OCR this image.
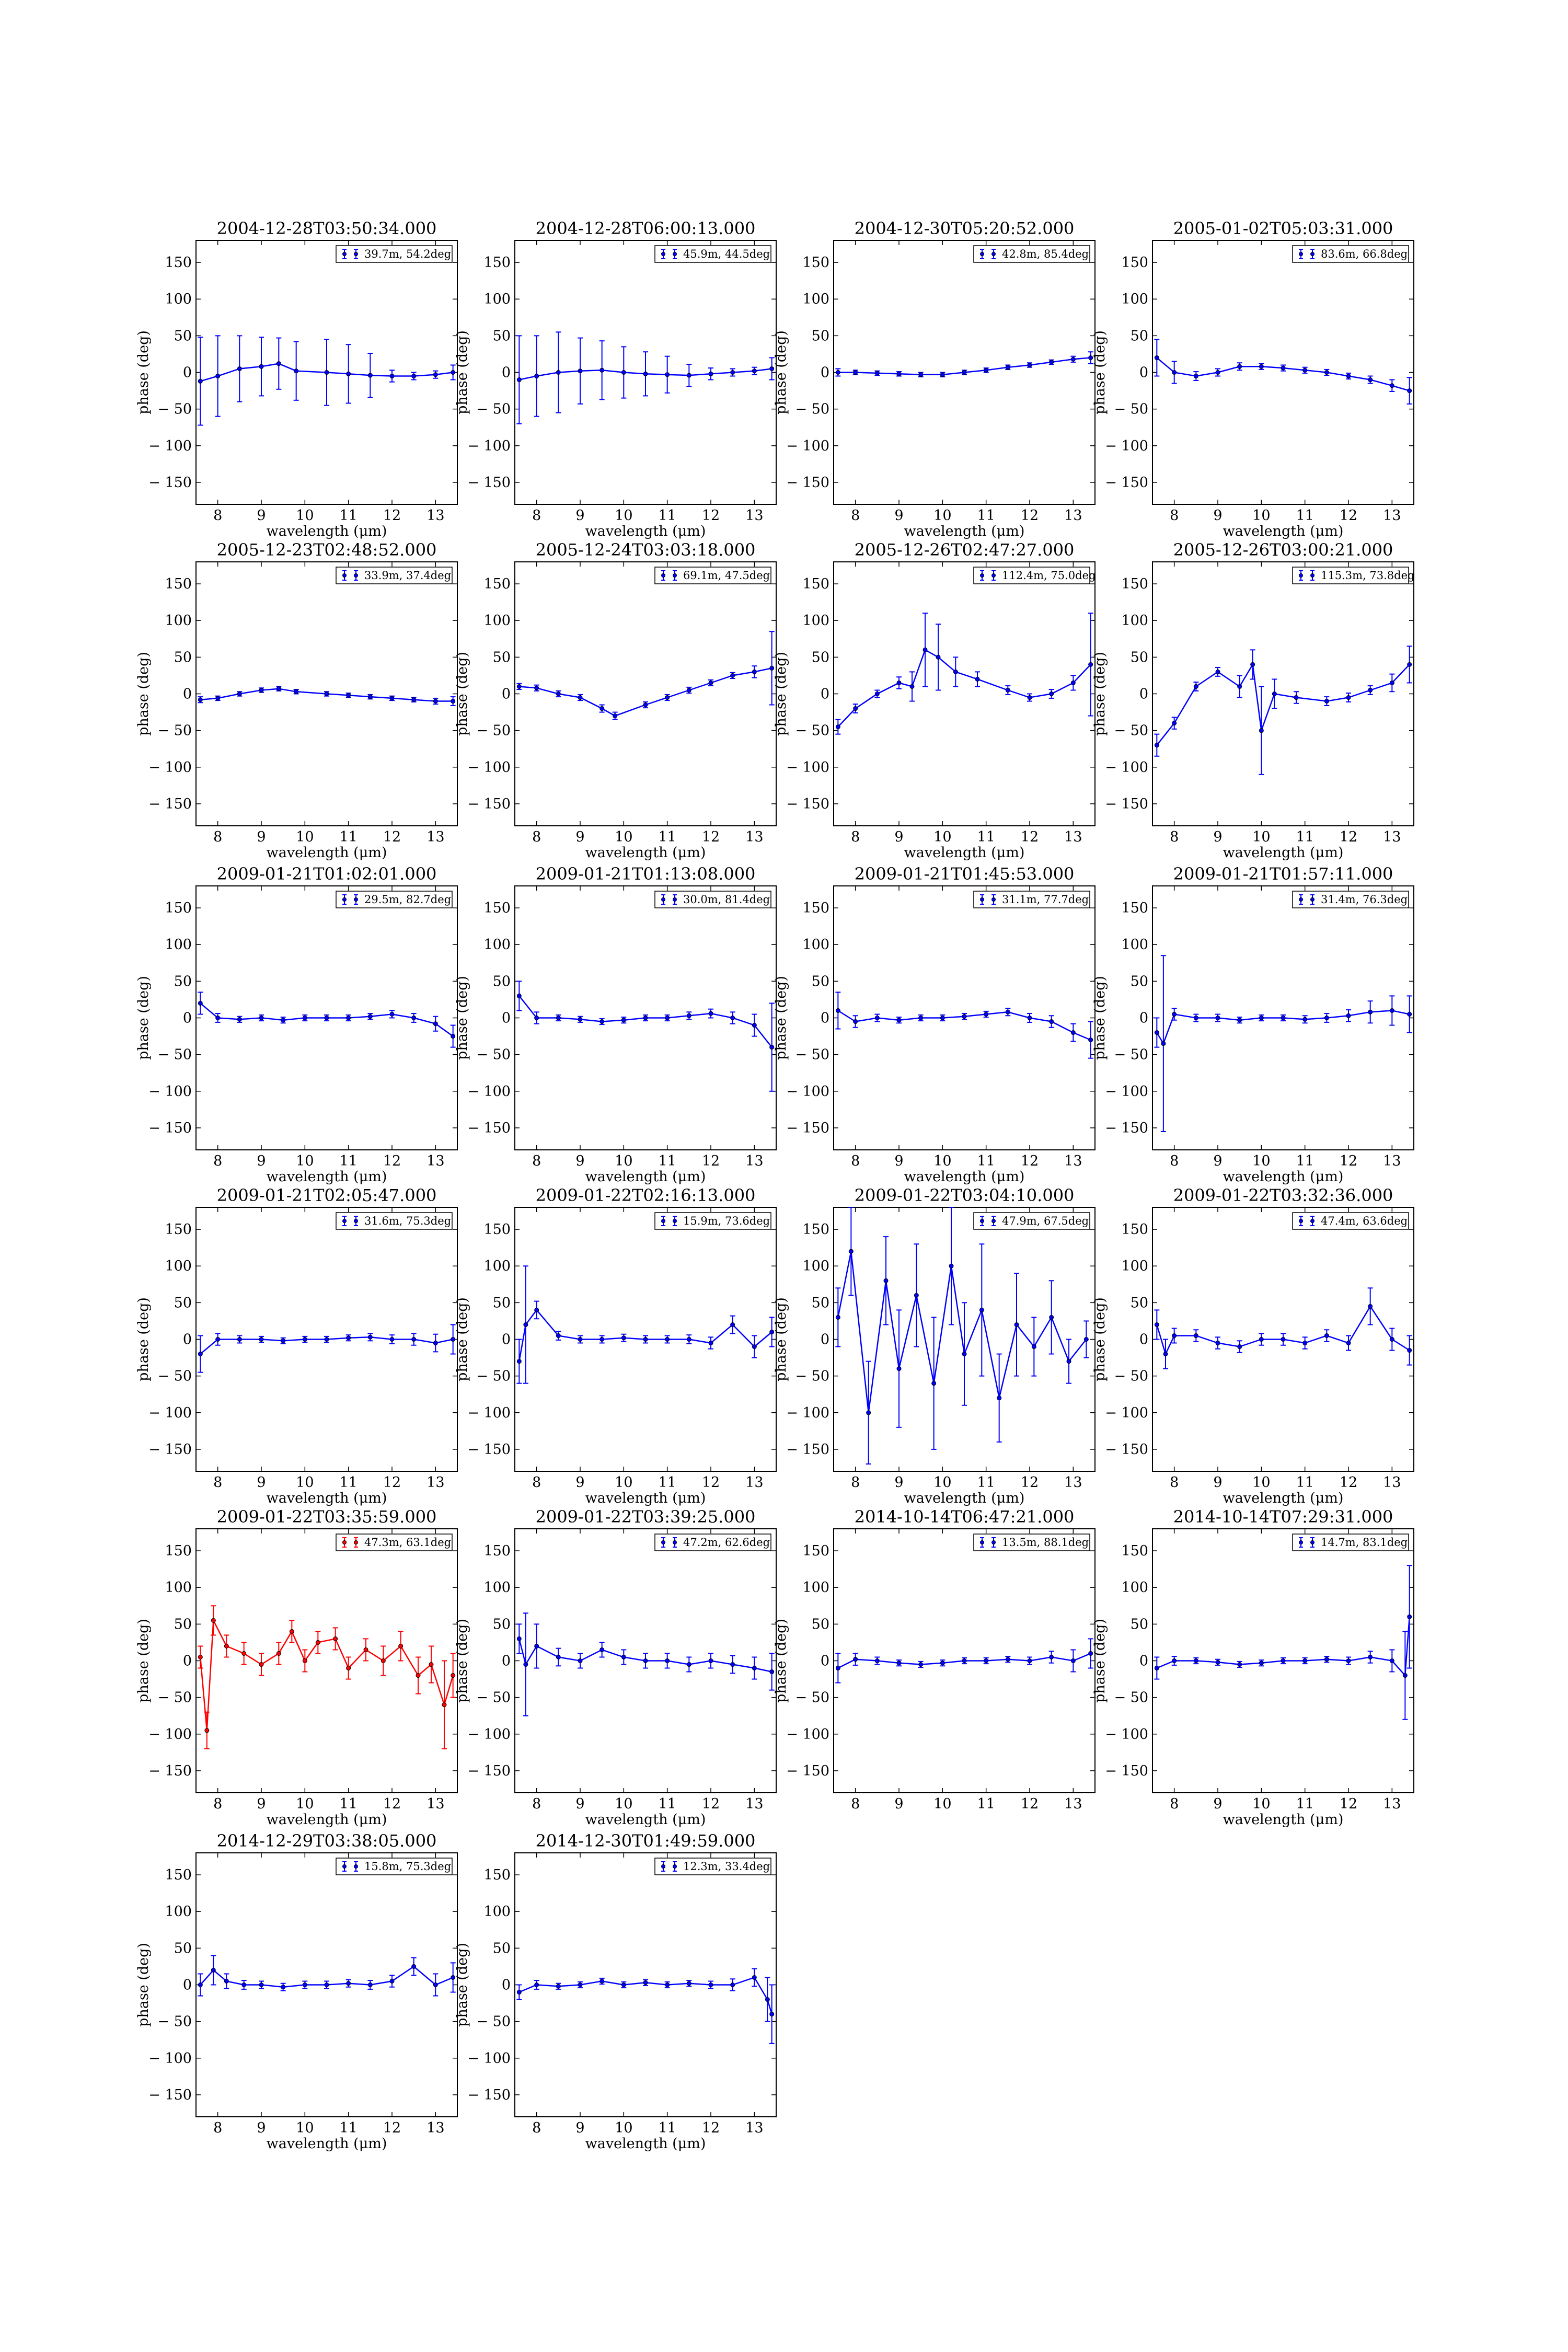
2004-12-28T03:50:34.000
150
100
50
0
− 50
− 100
− 150
8 9 10 11 12 13
wavelength (μm)
phase (deg)
39.7m, 54.2deg
2004-12-28T06:00:13.000
150
100
50
0
− 50
− 100
− 150
8 9 10 11 12 13
wavelength (μm)
phase (deg)
45.9m, 44.5deg
2004-12-30T05:20:52.000
150
100
50
0
− 50
− 100
− 150
8 9 10 11 12 13
wavelength (μm)
phase (deg)
42.8m, 85.4deg
2005-01-02T05:03:31.000
150
100
50
0
− 50
− 100
− 150
8 9 10 11 12 13
wavelength (μm)
phase (deg)
83.6m, 66.8deg
2005-12-23T02:48:52.000
150
100
50
0
− 50
− 100
− 150
8 9 10 11 12 13
wavelength (μm)
phase (deg)
33.9m, 37.4deg
2005-12-24T03:03:18.000
150
100
50
0
− 50
− 100
− 150
8 9 10 11 12 13
wavelength (μm)
phase (deg)
69.1m, 47.5deg
2005-12-26T02:47:27.000
150
100
50
0
− 50
− 100
− 150
8 9 10 11 12 13
wavelength (μm)
phase (deg)
112.4m, 75.0deg
2005-12-26T03:00:21.000
150
100
50
0
− 50
− 100
− 150
8 9 10 11 12 13
wavelength (μm)
phase (deg)
115.3m, 73.8deg
2009-01-21T01:02:01.000
150
100
50
0
− 50
− 100
− 150
8 9 10 11 12 13
wavelength (μm)
phase (deg)
29.5m, 82.7deg
2009-01-21T01:13:08.000
150
100
50
0
− 50
− 100
− 150
8 9 10 11 12 13
wavelength (μm)
phase (deg)
30.0m, 81.4deg
2009-01-21T01:45:53.000
150
100
50
0
− 50
− 100
− 150
8 9 10 11 12 13
wavelength (μm)
phase (deg)
31.1m, 77.7deg
2009-01-21T01:57:11.000
150
100
50
0
− 50
− 100
− 150
8 9 10 11 12 13
wavelength (μm)
phase (deg)
31.4m, 76.3deg
2009-01-21T02:05:47.000
150
100
50
0
− 50
− 100
− 150
8 9 10 11 12 13
wavelength (μm)
phase (deg)
31.6m, 75.3deg
2009-01-22T02:16:13.000
150
100
50
0
− 50
− 100
− 150
8 9 10 11 12 13
wavelength (μm)
phase (deg)
15.9m, 73.6deg
2009-01-22T03:04:10.000
150
100
50
0
− 50
− 100
− 150
8 9 10 11 12 13
wavelength (μm)
phase (deg)
47.9m, 67.5deg
2009-01-22T03:32:36.000
150
100
50
0
− 50
− 100
− 150
8 9 10 11 12 13
wavelength (μm)
phase (deg)
47.4m, 63.6deg
2009-01-22T03:35:59.000
150
100
50
0
− 50
− 100
− 150
8 9 10 11 12 13
wavelength (μm)
phase (deg)
47.3m, 63.1deg
2009-01-22T03:39:25.000
150
100
50
0
− 50
− 100
− 150
8 9 10 11 12 13
wavelength (μm)
phase (deg)
47.2m, 62.6deg
2014-10-14T06:47:21.000
150
100
50
0
− 50
− 100
− 150
8 9 10 11 12 13
phase (deg)
13.5m, 88.1deg
2014-10-14T07:29:31.000
150
100
50
0
− 50
− 100
− 150
8 9 10 11 12 13
wavelength (μm)
phase (deg)
14.7m, 83.1deg
2014-12-29T03:38:05.000
150
100
50
0
− 50
− 100
− 150
8 9 10 11 12 13
wavelength (μm)
phase (deg)
15.8m, 75.3deg
2014-12-30T01:49:59.000
150
100
50
0
− 50
− 100
− 150
8 9 10 11 12 13
wavelength (μm)
phase (deg)
12.3m, 33.4deg
